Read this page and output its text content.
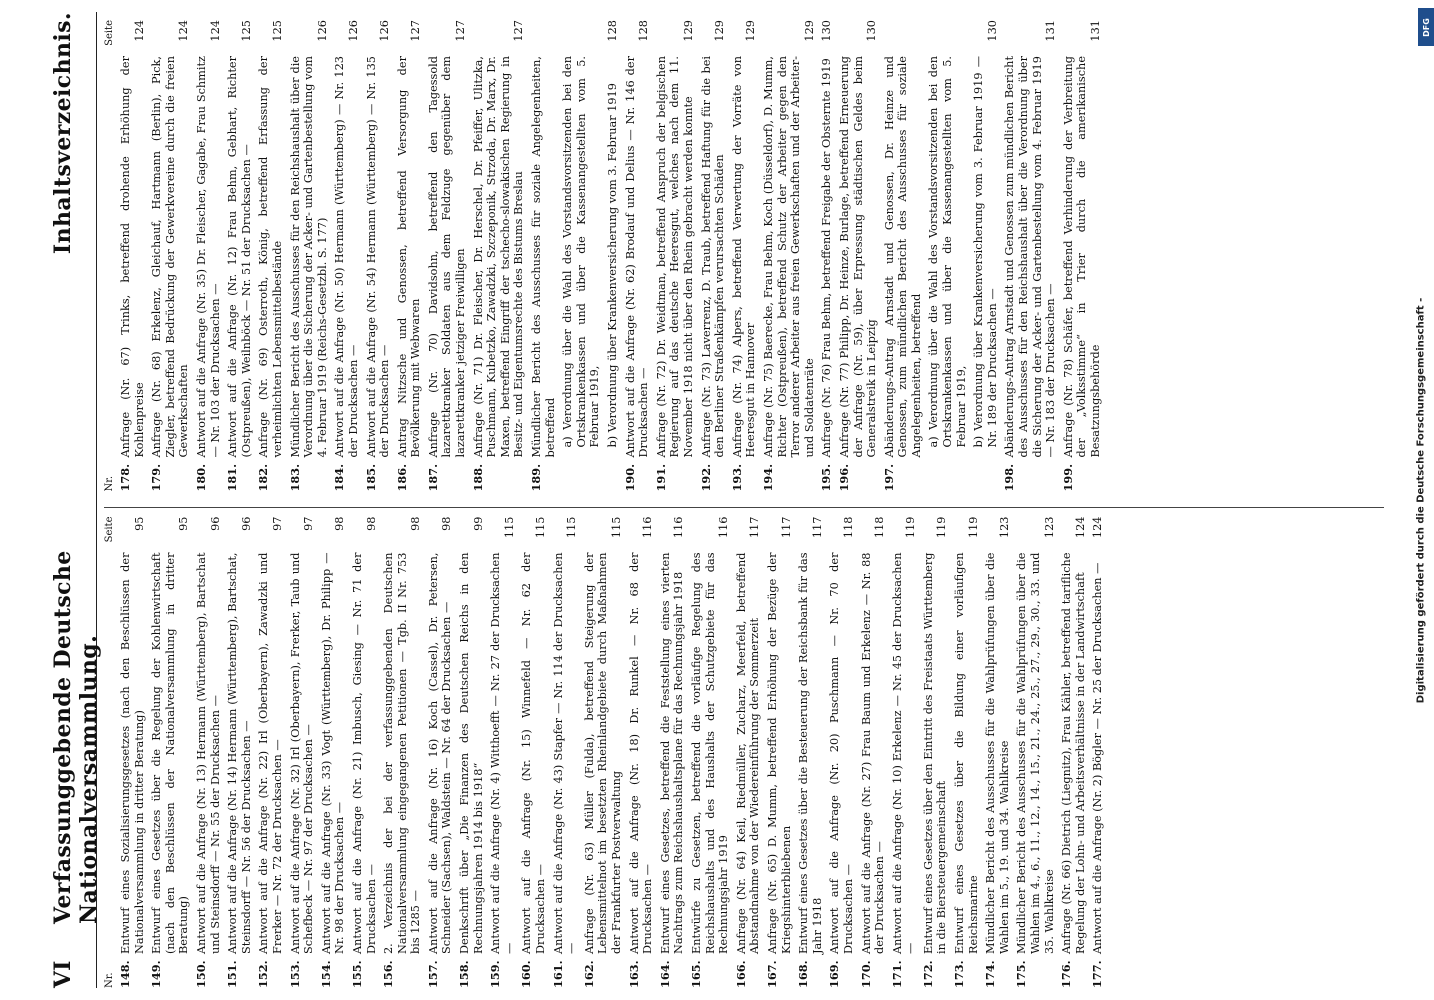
VI
Verfassunggebende Deutsche Nationalversammlung.
Inhaltsverzeichnis.
Nr.
Seite
148.
Entwurf eines Sozialisierungsgesetzes (nach den Beschlüssen der Nationalversammlung in dritter Beratung)
95
149.
Entwurf eines Gesetzes über die Regelung der Kohlenwirtschaft (nach den Beschlüssen der Nationalversammlung in dritter Beratung)
95
150.
Antwort auf die Anfrage (Nr. 13) Hermann (Württemberg), Bartschat und Steinsdorff — Nr. 55 der Drucksachen —
96
151.
Antwort auf die Anfrage (Nr. 14) Hermann (Württemberg), Bartschat, Steinsdorff — Nr. 56 der Drucksachen —
96
152.
Antwort auf die Anfrage (Nr. 22) Irl (Oberbayern), Zawadzki und Frerker — Nr. 72 der Drucksachen —
97
153.
Antwort auf die Anfrage (Nr. 32) Irl (Oberbayern), Frerker, Taub und Schefbeck — Nr. 97 der Drucksachen —
97
154.
Antwort auf die Anfrage (Nr. 33) Vogt (Württemberg), Dr. Philipp — Nr. 98 der Drucksachen —
98
155.
Antwort auf die Anfrage (Nr. 21) Imbusch, Giesing — Nr. 71 der Drucksachen —
98
156.
2. Verzeichnis der bei der verfassunggebenden Deutschen Nationalversammlung eingegangenen Petitionen — Tgb. II Nr. 753 bis 1285 —
98
157.
Antwort auf die Anfrage (Nr. 16) Koch (Cassel), Dr. Petersen, Schneider (Sachsen), Waldstein — Nr. 64 der Drucksachen —
98
158.
Denkschrift über „Die Finanzen des Deutschen Reichs in den Rechnungsjahren 1914 bis 1918“
99
159.
Antwort auf die Anfrage (Nr. 4) Witthoefft — Nr. 27 der Drucksachen —
115
160.
Antwort auf die Anfrage (Nr. 15) Winnefeld — Nr. 62 der Drucksachen —
115
161.
Antwort auf die Anfrage (Nr. 43) Stapfer — Nr. 114 der Drucksachen —
115
162.
Anfrage (Nr. 63) Müller (Fulda), betreffend Steigerung der Lebensmittelnot im besetzten Rheinlandgebiete durch Maßnahmen der Frankfurter Postverwaltung
115
163.
Antwort auf die Anfrage (Nr. 18) Dr. Runkel — Nr. 68 der Drucksachen —
116
164.
Entwurf eines Gesetzes, betreffend die Feststellung eines vierten Nachtrags zum Reichshaushaltsplane für das Rechnungsjahr 1918
116
165.
Entwürfe zu Gesetzen, betreffend die vorläufige Regelung des Reichshaushalts und des Haushalts der Schutzgebiete für das Rechnungsjahr 1919
116
166.
Anfrage (Nr. 64) Keil, Riedmüller, Zucharz, Meerfeld, betreffend Abstandnahme von der Wiedereinführung der Sommerzeit
117
167.
Anfrage (Nr. 65) D. Mumm, betreffend Erhöhung der Bezüge der Kriegshinterbliebenen
117
168.
Entwurf eines Gesetzes über die Besteuerung der Reichsbank für das Jahr 1918
117
169.
Antwort auf die Anfrage (Nr. 20) Puschmann — Nr. 70 der Drucksachen —
118
170.
Antwort auf die Anfrage (Nr. 27) Frau Baum und Erkelenz — Nr. 88 der Drucksachen —
118
171.
Antwort auf die Anfrage (Nr. 10) Erkelenz — Nr. 45 der Drucksachen —
119
172.
Entwurf eines Gesetzes über den Eintritt des Freistaats Württemberg in die Biersteuergemeinschaft
119
173.
Entwurf eines Gesetzes über die Bildung einer vorläufigen Reichsmarine
119
174.
Mündlicher Bericht des Ausschusses für die Wahlprüfungen über die Wahlen im 5., 19. und 34. Wahlkreise
123
175.
Mündlicher Bericht des Ausschusses für die Wahlprüfungen über die Wahlen im 4., 6., 11., 12., 14., 15., 21., 24., 25., 27., 29., 30., 33. und 35. Wahlkreise
123
176.
Anfrage (Nr. 66) Dietrich (Liegnitz), Frau Kähler, betreffend tarifliche Regelung der Lohn- und Arbeitsverhältnisse in der Landwirtschaft
124
177.
Antwort auf die Anfrage (Nr. 2) Bögler — Nr. 25 der Drucksachen —
124
Nr.
Seite
178.
Anfrage (Nr. 67) Trinks, betreffend drohende Erhöhung der Kohlenpreise
124
179.
Anfrage (Nr. 68) Erkelenz, Gleichauf, Hartmann (Berlin), Pick, Ziegler, betreffend Bedrückung der Gewerkvereine durch die freien Gewerkschaften
124
180.
Antwort auf die Anfrage (Nr. 35) Dr. Fleischer, Gagabe, Frau Schmitz — Nr. 103 der Drucksachen —
124
181.
Antwort auf die Anfrage (Nr. 12) Frau Behm, Gebhart, Richter (Ostpreußen), Weilnböck — Nr. 51 der Drucksachen —
125
182.
Anfrage (Nr. 69) Osterroth, König, betreffend Erfassung der verheimlichten Lebensmittelbestände
125
183.
Mündlicher Bericht des Ausschusses für den Reichshaushalt über die Verordnung über die Sicherung der Acker- und Gartenbestellung vom 4. Februar 1919 (Reichs-Gesetzbl. S. 177)
126
184.
Antwort auf die Anfrage (Nr. 50) Hermann (Württemberg) — Nr. 123 der Drucksachen —
126
185.
Antwort auf die Anfrage (Nr. 54) Hermann (Württemberg) — Nr. 135 der Drucksachen —
126
186.
Antrag Nitzsche und Genossen, betreffend Versorgung der Bevölkerung mit Webwaren
127
187.
Anfrage (Nr. 70) Davidsohn, betreffend den Tagessold lazarettkranker Soldaten aus dem Feldzuge gegenüber dem lazarettkranker jetziger Freiwilligen
127
188.
Anfrage (Nr. 71) Dr. Fleischer, Dr. Herschel, Dr. Pfeiffer, Ulitzka, Puschmann, Kubetzko, Zawadzki, Szczeponik, Strzoda, Dr. Marx, Dr. Maxen, betreffend Eingriff der tschecho-slowakischen Regierung in Besitz- und Eigentumsrechte des Bistums Breslau
127
189.
Mündlicher Bericht des Ausschusses für soziale Angelegenheiten, betreffend a) Verordnung über die Wahl des Vorstandsvorsitzenden bei den Ortskrankenkassen und über die Kassenangestellten vom 5. Februar 1919, b) Verordnung über Krankenversicherung vom 3. Februar 1919
128
190.
Antwort auf die Anfrage (Nr. 62) Brodauf und Delius — Nr. 146 der Drucksachen —
128
191.
Anfrage (Nr. 72) Dr. Weidtman, betreffend Anspruch der belgischen Regierung auf das deutsche Heeresgut, welches nach dem 11. November 1918 nicht über den Rhein gebracht werden konnte
129
192.
Anfrage (Nr. 73) Laverrenz, D. Traub, betreffend Haftung für die bei den Berliner Straßenkämpfen verursachten Schäden
129
193.
Anfrage (Nr. 74) Alpers, betreffend Verwertung der Vorräte von Heeresgut in Hannover
129
194.
Anfrage (Nr. 75) Baerecke, Frau Behm, Koch (Düsseldorf), D. Mumm, Richter (Ostpreußen), betreffend Schutz der Arbeiter gegen den Terror anderer Arbeiter aus freien Gewerkschaften und der Arbeiter- und Soldatenräte
129
195.
Anfrage (Nr. 76) Frau Behm, betreffend Freigabe der Obsternte 1919
130
196.
Anfrage (Nr. 77) Philipp, Dr. Heinze, Burlage, betreffend Erneuerung der Anfrage (Nr. 59), über Erpressung städtischen Geldes beim Generalstreik in Leipzig
130
197.
Abänderungs-Antrag Arnstadt und Genossen, Dr. Heinze und Genossen, zum mündlichen Bericht des Ausschusses für soziale Angelegenheiten, betreffend a) Verordnung über die Wahl des Vorstandsvorsitzenden bei den Ortskrankenkassen und über die Kassenangestellten vom 5. Februar 1919, b) Verordnung über Krankenversicherung vom 3. Februar 1919 — Nr. 189 der Drucksachen —
130
198.
Abänderungs-Antrag Arnstadt und Genossen zum mündlichen Bericht des Ausschusses für den Reichshaushalt über die Verordnung über die Sicherung der Acker- und Gartenbestellung vom 4. Februar 1919 — Nr. 183 der Drucksachen —
131
199.
Anfrage (Nr. 78) Schäfer, betreffend Verhinderung der Verbreitung der „Volksstimme“ in Trier durch die amerikanische Besatzungsbehörde
131
Digitalisierung gefördert durch die Deutsche Forschungsgemeinschaft -
DFG
